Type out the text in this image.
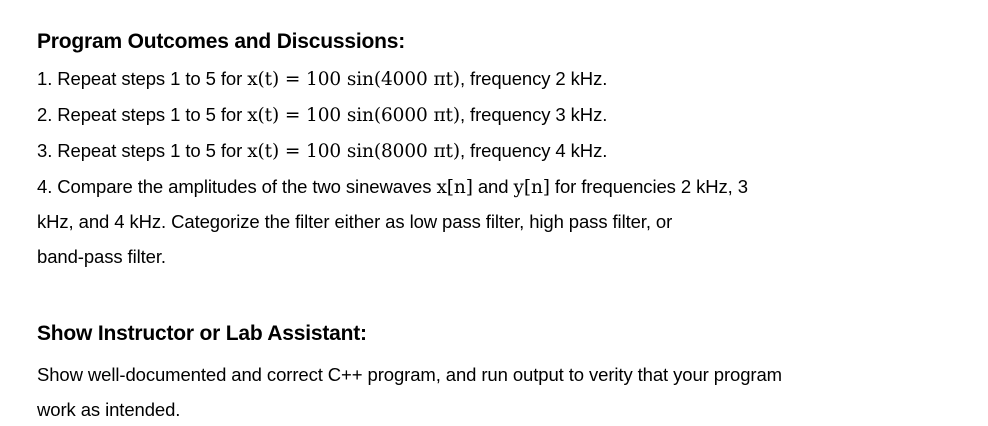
Program Outcomes and Discussions:
1. Repeat steps 1 to 5 for x(t) = 100 sin(4000 πt), frequency 2 kHz.
2. Repeat steps 1 to 5 for x(t) = 100 sin(6000 πt), frequency 3 kHz.
3. Repeat steps 1 to 5 for x(t) = 100 sin(8000 πt), frequency 4 kHz.
4. Compare the amplitudes of the two sinewaves x[n] and y[n] for frequencies 2 kHz, 3
kHz, and 4 kHz. Categorize the filter either as low pass filter, high pass filter, or
band-pass filter.
Show Instructor or Lab Assistant:
Show well-documented and correct C++ program, and run output to verity that your program
work as intended.
